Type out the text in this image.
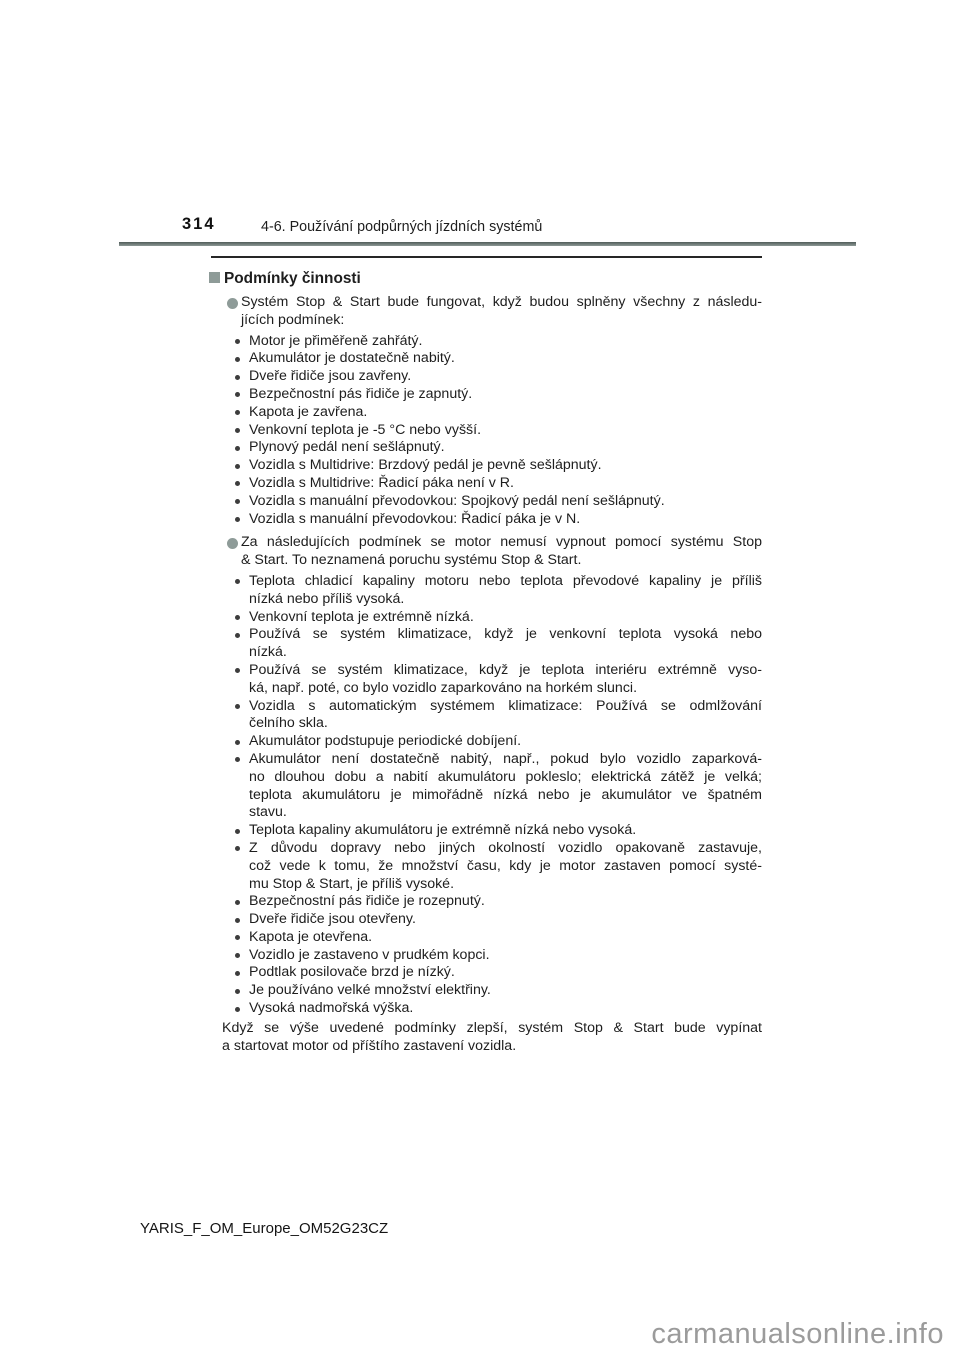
314	4-6. Používání podpůrných jízdních systémů
Podmínky činnosti
Systém Stop & Start bude fungovat, když budou splněny všechny z následu-
jících podmínek:
Motor je přiměřeně zahřátý.
Akumulátor je dostatečně nabitý.
Dveře řidiče jsou zavřeny.
Bezpečnostní pás řidiče je zapnutý.
Kapota je zavřena.
Venkovní teplota je -5 °C nebo vyšší.
Plynový pedál není sešlápnutý.
Vozidla s Multidrive: Brzdový pedál je pevně sešlápnutý.
Vozidla s Multidrive: Řadicí páka není v R.
Vozidla s manuální převodovkou: Spojkový pedál není sešlápnutý.
Vozidla s manuální převodovkou: Řadicí páka je v N.
Za následujících podmínek se motor nemusí vypnout pomocí systému Stop
& Start. To neznamená poruchu systému Stop & Start.
Teplota chladicí kapaliny motoru nebo teplota převodové kapaliny je příliš
nízká nebo příliš vysoká.
Venkovní teplota je extrémně nízká.
Používá se systém klimatizace, když je venkovní teplota vysoká nebo
nízká.
Používá se systém klimatizace, když je teplota interiéru extrémně vyso-
ká, např. poté, co bylo vozidlo zaparkováno na horkém slunci.
Vozidla s automatickým systémem klimatizace: Používá se odmlžování
čelního skla.
Akumulátor podstupuje periodické dobíjení.
Akumulátor není dostatečně nabitý, např., pokud bylo vozidlo zaparková-
no dlouhou dobu a nabití akumulátoru pokleslo; elektrická zátěž je velká;
teplota akumulátoru je mimořádně nízká nebo je akumulátor ve špatném
stavu.
Teplota kapaliny akumulátoru je extrémně nízká nebo vysoká.
Z důvodu dopravy nebo jiných okolností vozidlo opakovaně zastavuje,
což vede k tomu, že množství času, kdy je motor zastaven pomocí systé-
mu Stop & Start, je příliš vysoké.
Bezpečnostní pás řidiče je rozepnutý.
Dveře řidiče jsou otevřeny.
Kapota je otevřena.
Vozidlo je zastaveno v prudkém kopci.
Podtlak posilovače brzd je nízký.
Je používáno velké množství elektřiny.
Vysoká nadmořská výška.
Když se výše uvedené podmínky zlepší, systém Stop & Start bude vypínat
a startovat motor od příštího zastavení vozidla.
YARIS_F_OM_Europe_OM52G23CZ
carmanualsonline.info
